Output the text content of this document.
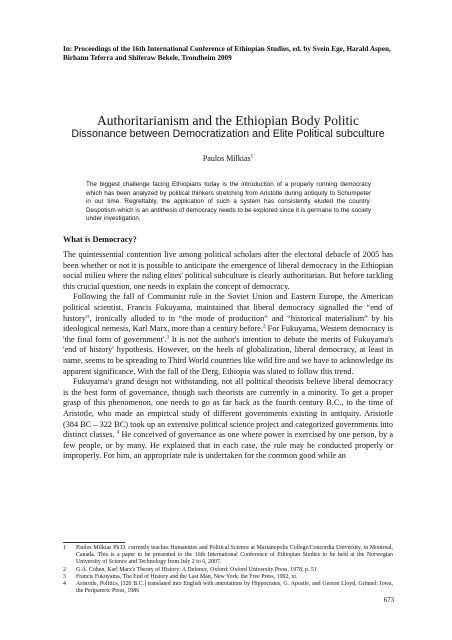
In: Proceedings of the 16th International Conference of Ethiopian Studies, ed. by Svein Ege, Harald Aspen, Birhanu Teferra and Shiferaw Bekele, Trondheim 2009
Authoritarianism and the Ethiopian Body Politic
Dissonance between Democratization and Elite Political subculture
Paulos Milkias$^1$
The biggest challenge facing Ethiopians today is the introduction of a properly running democracy which has been analyzed by political thinkers stretching from Aristotle during antiquity to Schumpeter in our time. Regrettably, the application of such a system has consistently eluded the country. Despotism which is an antithesis of democracy needs to be explored since it is germane to the society under investigation.
What is Democracy?

The quintessential contention live among political scholars after the electoral debacle of 2005 has been whether or not it is possible to anticipate the emergence of liberal democracy in the Ethiopian social milieu where the ruling elites' political subculture is clearly authoritarian. But before tackling this crucial question, one needs to explain the concept of democracy.

Following the fall of Communist rule in the Soviet Union and Eastern Europe, the American political scientist, Francis Fukuyama, maintained that liberal democracy signalled the “end of history”, ironically alluded to in “the mode of production” and “historical materialism” by his ideological nemesis, Karl Marx, more than a century before.$^2$ For Fukuyama, Western democracy is 'the final form of government'.$^3$ It is not the author's intention to debate the merits of Fukuyama's 'end of history' hypothesis. However, on the heels of globalization, liberal democracy, at least in name, seems to be spreading to Third World countries like wild fire and we have to acknowledge its apparent significance. With the fall of the Derg, Ethiopia was slated to follow this trend.

Fukuyama's grand design not withstanding, not all political theorists believe liberal democracy is the best form of governance, though such theorists are currently in a minority. To get a proper grasp of this phenomenon, one needs to go as far back as the fourth century B.C., to the time of Aristotle, who made an empirical study of different governments existing in antiquity. Aristotle (384 BC – 322 BC) took up an extensive political science project and categorized governments into distinct classes. $^4$ He conceived of governance as one where power is exercised by one person, by a few people, or by many. He explained that in each case, the rule may be conducted properly or improperly. For him, an appropriate rule is undertaken for the common good while an

1 Paulos Milkias Ph.D. currently teaches Humanities and Political Science at Marianopolis College/Concordia University, in Montreal, Canada. This is a paper to be presented to the 16th International Conference of Ethiopian Studies to be held at the Norwegian University of Science and Technology from July 2 to 6, 2007.
2 G.A. Cohen, Karl Marx's Theory of History: A Defence, Oxford: Oxford University Press, 1978, p. 51
3 Francis Fukuyama, The End of History and the Last Man, New York: the Free Press, 1992, xi.
4 Aristotle, Politics, [320 B.C.] translated into English with annotations by Hippocrates, G. Apostle, and Gerson Lloyd, Grinnel: Iowa, the Peripareric Press, 1986
673
